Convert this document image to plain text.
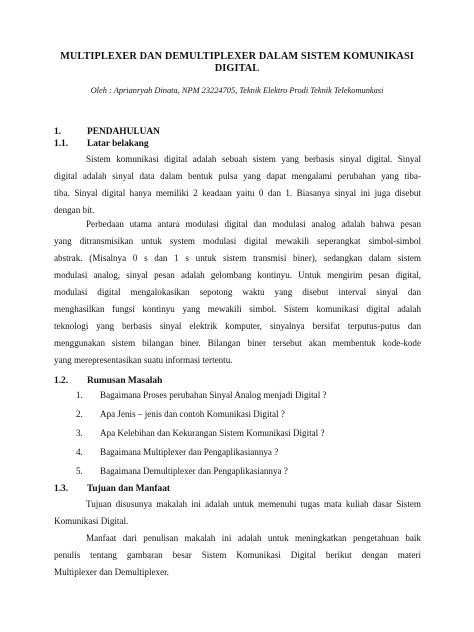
MULTIPLEXER DAN DEMULTIPLEXER DALAM SISTEM KOMUNIKASI
DIGITAL
Oleh : Aprianryah Dinata, NPM 23224705, Teknik Elektro Prodi Teknik Telekomunkasi
1.	PENDAHULUAN
1.1. Latar belakang
Sistem komunikasi digital adalah sebuah sistem yang berbasis sinyal digital. Sinyal
digital adalah sinyal data dalam bentuk pulsa yang dapat mengalami perubahan yang tiba-
tiba. Sinyal digital hanya memiliki 2 keadaan yaitu 0 dan 1. Biasanya sinyal ini juga disebut
dengan bit.
Perbedaan utama antara modulasi digital dan modulasi analog adalah bahwa pesan
yang ditransmisikan untuk system modulasi digital mewakili seperangkat simbol-simbol
abstrak. (Misalnya 0 s dan 1 s untuk sistem transmisi biner), sedangkan dalam sistem
modulasi analog, sinyal pesan adalah gelombang kontinyu. Untuk mengirim pesan digital,
modulasi digital mengalokasikan sepotong waktu yang disebut interval sinyal dan
menghasilkan fungsi kontinyu yang mewakili simbol. Sistem komunikasi digital adalah
teknologi yang berbasis sinyal elektrik komputer, sinyalnya bersifat terputus-putus dan
menggunakan sistem bilangan biner. Bilangan biner tersebut akan membentuk kode-kode
yang merepresentasikan suatu informasi tertentu.
1.2. Rumusan Masalah
1. Bagaimana Proses perubahan Sinyal Analog menjadi Digital ?
2. Apa Jenis – jenis dan contoh Komunikasi Digital ?
3. Apa Kelebihan dan Kekurangan Sistem Komunikasi Digital ?
4. Bagaimana Multiplexer dan Pengaplikasiannya ?
5. Bagaimana Demultiplexer dan Pengaplikasiannya ?
1.3. Tujuan dan Manfaat
Tujuan disusunya makalah ini adalah untuk memenuhi tugas mata kuliah dasar Sistem
Komunikasi Digital.
Manfaat dari penulisan makalah ini adalah untuk meningkatkan pengetahuan baik
penulis tentang gambaran besar Sistem Komunikasi Digital berikut dengan materi
Multiplexer dan Demultiplexer.
